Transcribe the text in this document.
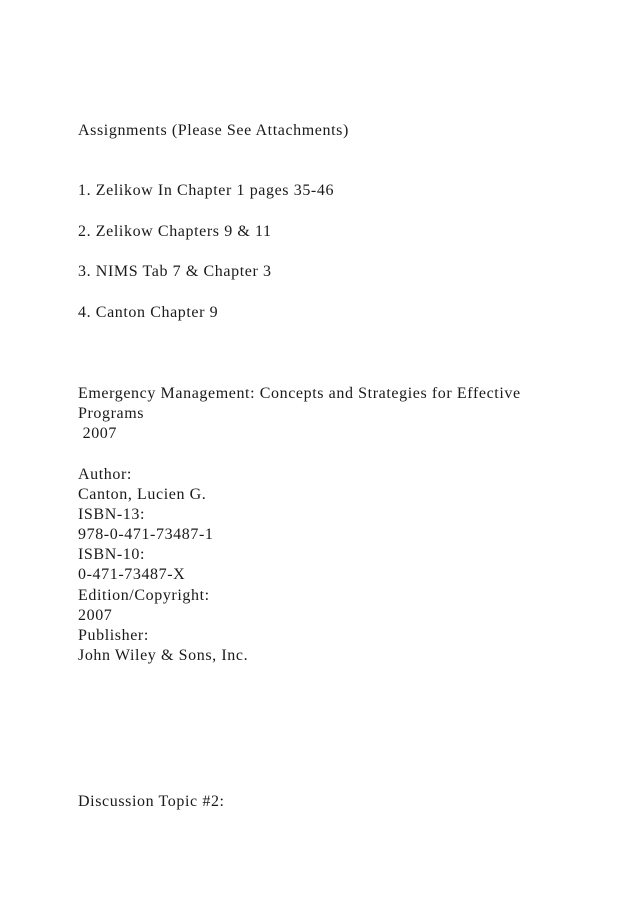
Assignments (Please See Attachments)
1. Zelikow In Chapter 1 pages 35-46
2. Zelikow Chapters 9 & 11
3. NIMS Tab 7 & Chapter 3
4. Canton Chapter 9
Emergency Management: Concepts and Strategies for Effective
Programs
2007
Author:
Canton, Lucien G.
ISBN-13:
978-0-471-73487-1
ISBN-10:
0-471-73487-X
Edition/Copyright:
2007
Publisher:
John Wiley & Sons, Inc.
Discussion Topic #2:
